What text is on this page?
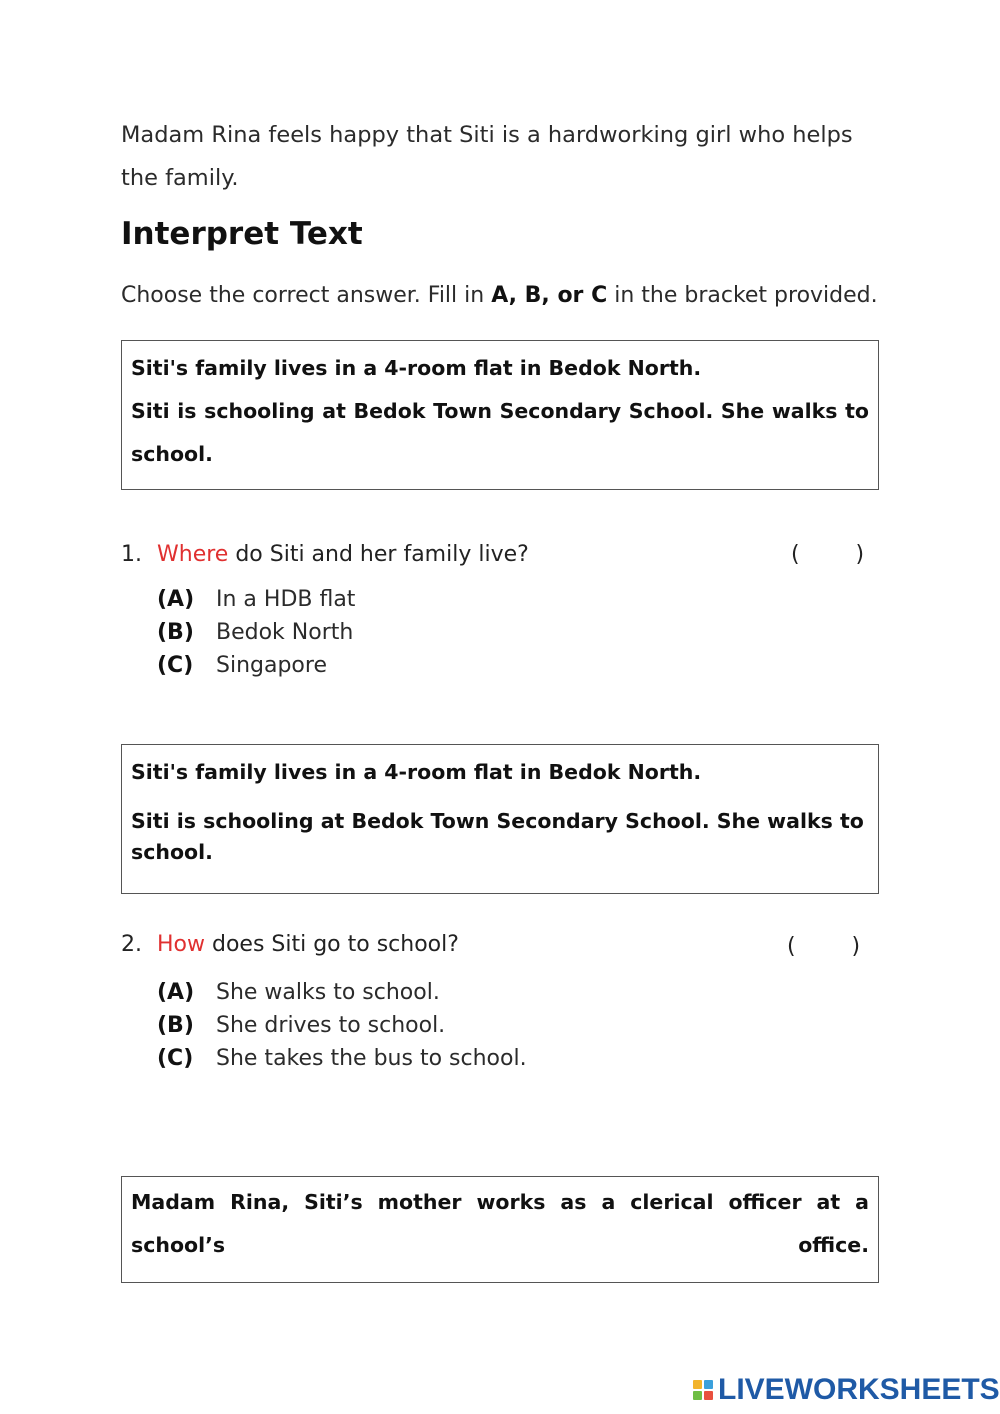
Madam Rina feels happy that Siti is a hardworking girl who helps the family.
Interpret Text
Choose the correct answer. Fill in A, B, or C in the bracket provided.
Siti's family lives in a 4-room flat in Bedok North.
Siti is schooling at Bedok Town Secondary School. She walks to school.
1. Where do Siti and her family live?	(        )
(A) In a HDB flat
(B) Bedok North
(C) Singapore
Siti's family lives in a 4-room flat in Bedok North.
Siti is schooling at Bedok Town Secondary School. She walks to school.
2. How does Siti go to school?	(        )
(A) She walks to school.
(B) She drives to school.
(C) She takes the bus to school.
Madam Rina, Siti’s mother works as a clerical officer at a school’s office.
LIVEWORKSHEETS
